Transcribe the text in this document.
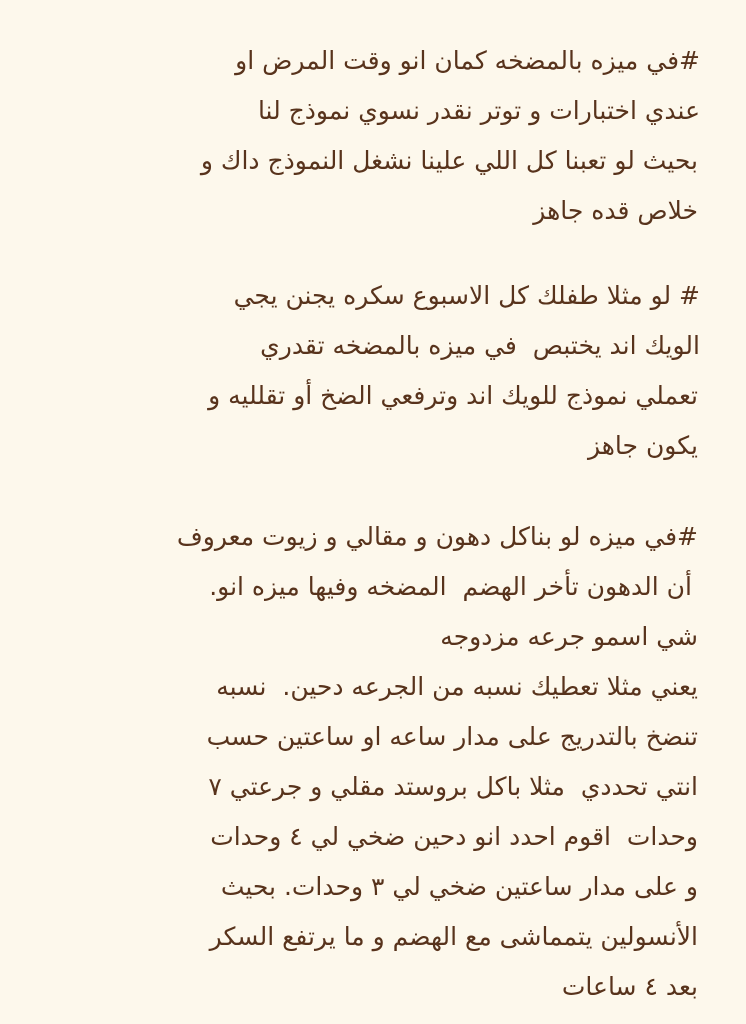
#في ميزه بالمضخه كمان انو وقت المرض او
عندي اختبارات و توتر نقدر نسوي نموذج لنا
بحيث لو تعبنا كل اللي علينا نشغل النموذج داك و
خلاص قده جاهز
# لو مثلا طفلك كل الاسبوع سكره يجنن يجي
الويك اند يختبص  في ميزه بالمضخه تقدري
تعملي نموذج للويك اند وترفعي الضخ أو تقلليه و
يكون جاهز
#في ميزه لو بناكل دهون و مقالي و زيوت معروف
أن الدهون تأخر الهضم  المضخه وفيها ميزه انو.
شي اسمو جرعه مزدوجه
يعني مثلا تعطيك نسبه من الجرعه دحين.  نسبه
تنضخ بالتدريج على مدار ساعه او ساعتين حسب
انتي تحددي  مثلا باكل بروستد مقلي و جرعتي ٧
وحدات  اقوم احدد انو دحين ضخي لي ٤ وحدات
و على مدار ساعتين ضخي لي ٣ وحدات. بحيث
الأنسولين يتمماشى مع الهضم و ما يرتفع السكر
بعد ٤ ساعات
